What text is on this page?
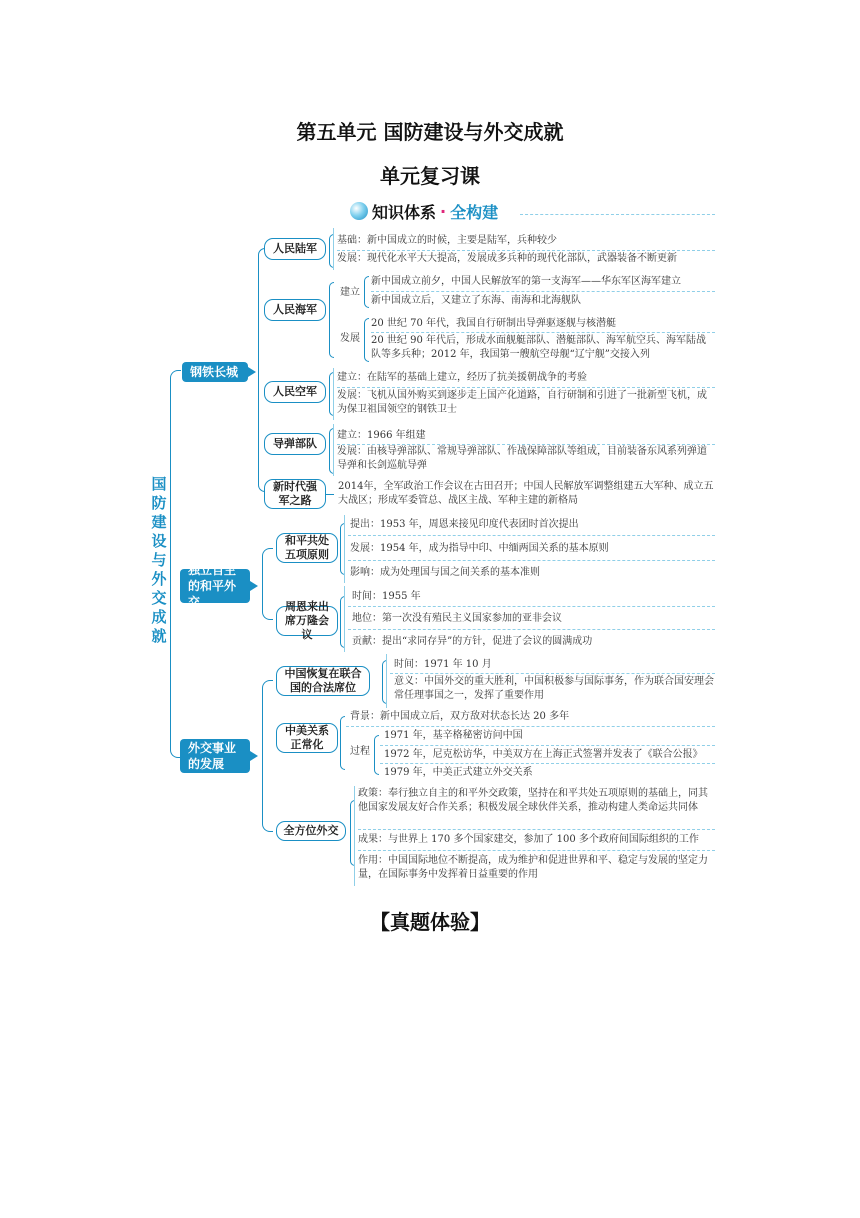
第五单元 国防建设与外交成就
单元复习课
知识体系 · 全构建
国防建设与外交成就
钢铁长城
人民陆军
基础：新中国成立的时候，主要是陆军，兵种较少
发展：现代化水平大大提高，发展成多兵种的现代化部队，武器装备不断更新
人民海军
建立
新中国成立前夕，中国人民解放军的第一支海军——华东军区海军建立
新中国成立后，又建立了东海、南海和北海舰队
发展
20 世纪 70 年代，我国自行研制出导弹驱逐舰与核潜艇
20 世纪 90 年代后，形成水面舰艇部队、潜艇部队、海军航空兵、海军陆战队等多兵种；2012 年，我国第一艘航空母舰“辽宁舰”交接入列
人民空军
建立：在陆军的基础上建立，经历了抗美援朝战争的考验
发展：飞机从国外购买到逐步走上国产化道路，自行研制和引进了一批新型飞机，成为保卫祖国领空的钢铁卫士
导弹部队
建立：1966 年组建
发展：由核导弹部队、常规导弹部队、作战保障部队等组成，目前装备东风系列弹道导弹和长剑巡航导弹
新时代强军之路
2014年，全军政治工作会议在古田召开；中国人民解放军调整组建五大军种、成立五大战区；形成军委管总、战区主战、军种主建的新格局
独立自主的和平外交
和平共处五项原则
提出：1953 年，周恩来接见印度代表团时首次提出
发展：1954 年，成为指导中印、中缅两国关系的基本原则
影响：成为处理国与国之间关系的基本准则
周恩来出席万隆会议
时间：1955 年
地位：第一次没有殖民主义国家参加的亚非会议
贡献：提出“求同存异”的方针，促进了会议的圆满成功
外交事业的发展
中国恢复在联合国的合法席位
时间：1971 年 10 月
意义：中国外交的重大胜利，中国积极参与国际事务，作为联合国安理会常任理事国之一，发挥了重要作用
中美关系正常化
背景：新中国成立后，双方敌对状态长达 20 多年
过程
1971 年，基辛格秘密访问中国
1972 年，尼克松访华，中美双方在上海正式签署并发表了《联合公报》
1979 年，中美正式建立外交关系
全方位外交
政策：奉行独立自主的和平外交政策，坚持在和平共处五项原则的基础上，同其他国家发展友好合作关系；积极发展全球伙伴关系，推动构建人类命运共同体
成果：与世界上 170 多个国家建交，参加了 100 多个政府间国际组织的工作
作用：中国国际地位不断提高，成为维护和促进世界和平、稳定与发展的坚定力量，在国际事务中发挥着日益重要的作用
【真题体验】
